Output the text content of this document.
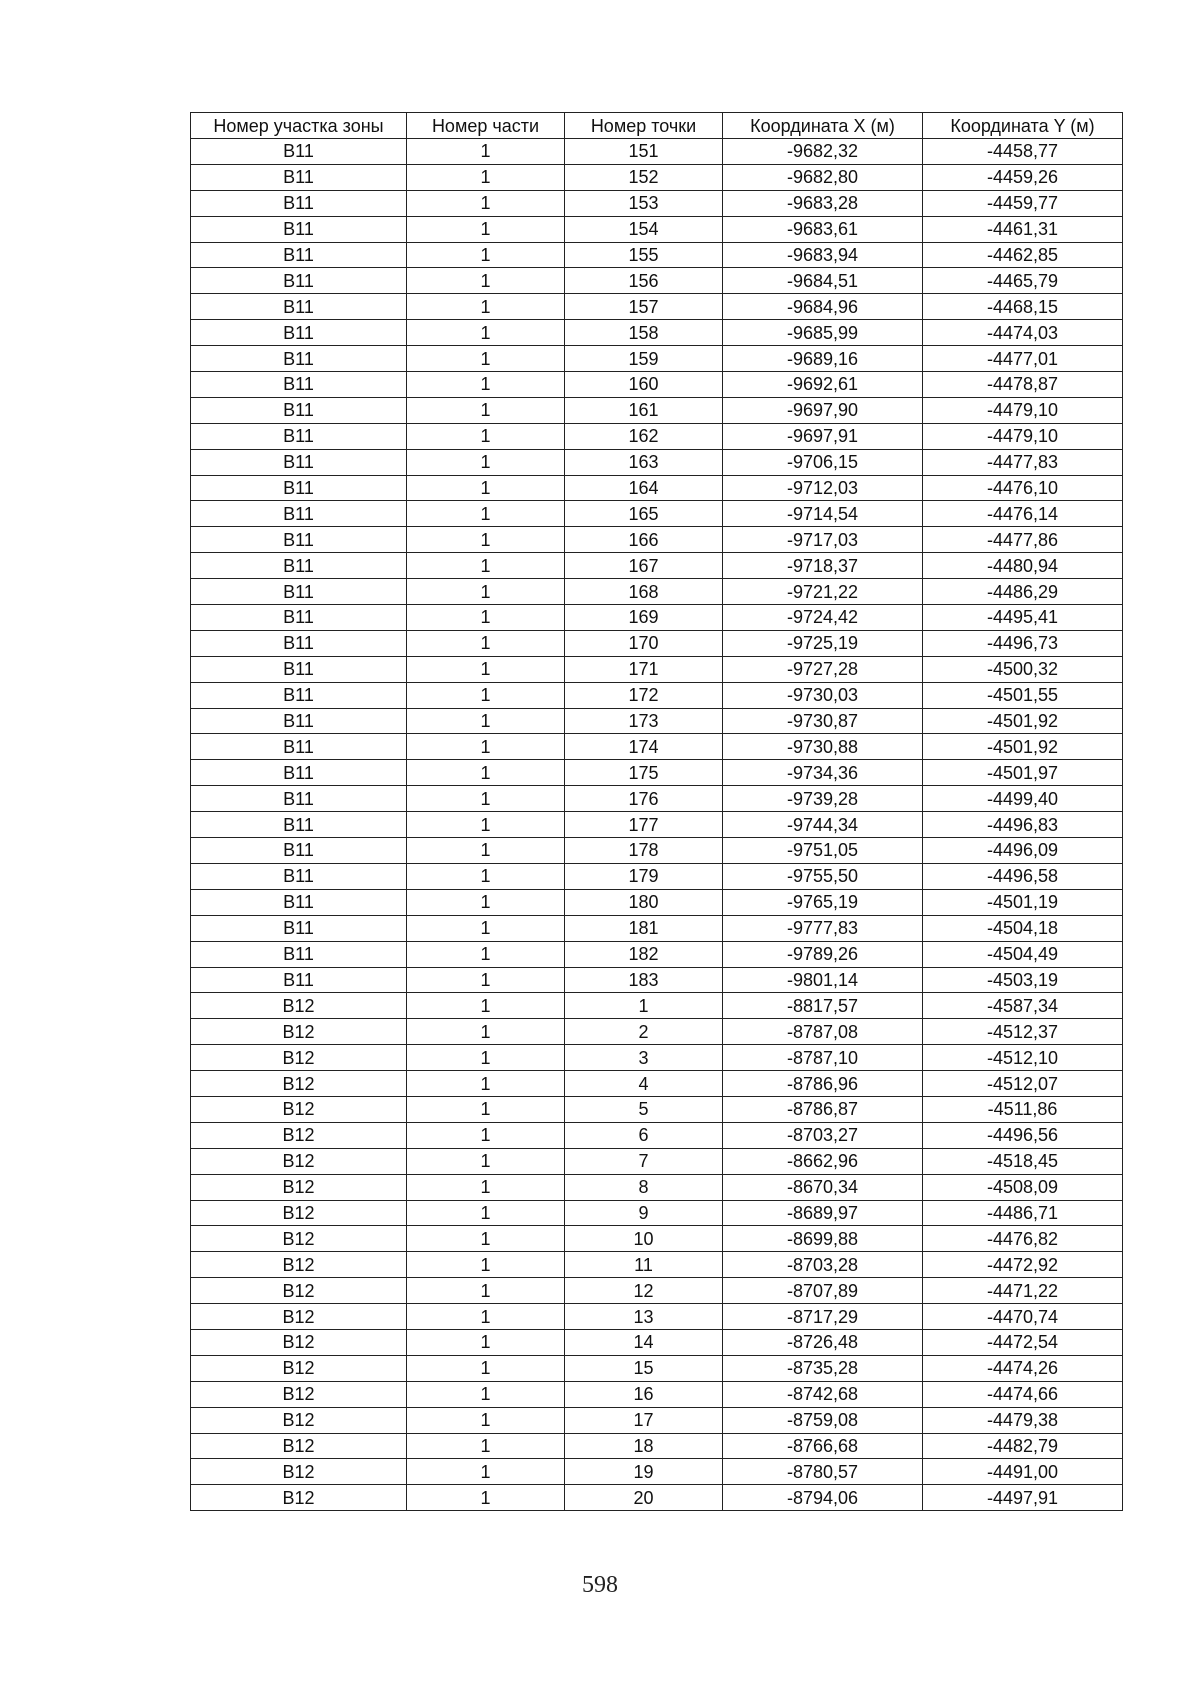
Номер участка зоны	Номер части	Номер точки	Координата X (м)	Координата Y (м)
В11	1	151	-9682,32	-4458,77
В11	1	152	-9682,80	-4459,26
В11	1	153	-9683,28	-4459,77
В11	1	154	-9683,61	-4461,31
В11	1	155	-9683,94	-4462,85
В11	1	156	-9684,51	-4465,79
В11	1	157	-9684,96	-4468,15
В11	1	158	-9685,99	-4474,03
В11	1	159	-9689,16	-4477,01
В11	1	160	-9692,61	-4478,87
В11	1	161	-9697,90	-4479,10
В11	1	162	-9697,91	-4479,10
В11	1	163	-9706,15	-4477,83
В11	1	164	-9712,03	-4476,10
В11	1	165	-9714,54	-4476,14
В11	1	166	-9717,03	-4477,86
В11	1	167	-9718,37	-4480,94
В11	1	168	-9721,22	-4486,29
В11	1	169	-9724,42	-4495,41
В11	1	170	-9725,19	-4496,73
В11	1	171	-9727,28	-4500,32
В11	1	172	-9730,03	-4501,55
В11	1	173	-9730,87	-4501,92
В11	1	174	-9730,88	-4501,92
В11	1	175	-9734,36	-4501,97
В11	1	176	-9739,28	-4499,40
В11	1	177	-9744,34	-4496,83
В11	1	178	-9751,05	-4496,09
В11	1	179	-9755,50	-4496,58
В11	1	180	-9765,19	-4501,19
В11	1	181	-9777,83	-4504,18
В11	1	182	-9789,26	-4504,49
В11	1	183	-9801,14	-4503,19
В12	1	1	-8817,57	-4587,34
В12	1	2	-8787,08	-4512,37
В12	1	3	-8787,10	-4512,10
В12	1	4	-8786,96	-4512,07
В12	1	5	-8786,87	-4511,86
В12	1	6	-8703,27	-4496,56
В12	1	7	-8662,96	-4518,45
В12	1	8	-8670,34	-4508,09
В12	1	9	-8689,97	-4486,71
В12	1	10	-8699,88	-4476,82
В12	1	11	-8703,28	-4472,92
В12	1	12	-8707,89	-4471,22
В12	1	13	-8717,29	-4470,74
В12	1	14	-8726,48	-4472,54
В12	1	15	-8735,28	-4474,26
В12	1	16	-8742,68	-4474,66
В12	1	17	-8759,08	-4479,38
В12	1	18	-8766,68	-4482,79
В12	1	19	-8780,57	-4491,00
В12	1	20	-8794,06	-4497,91
598
